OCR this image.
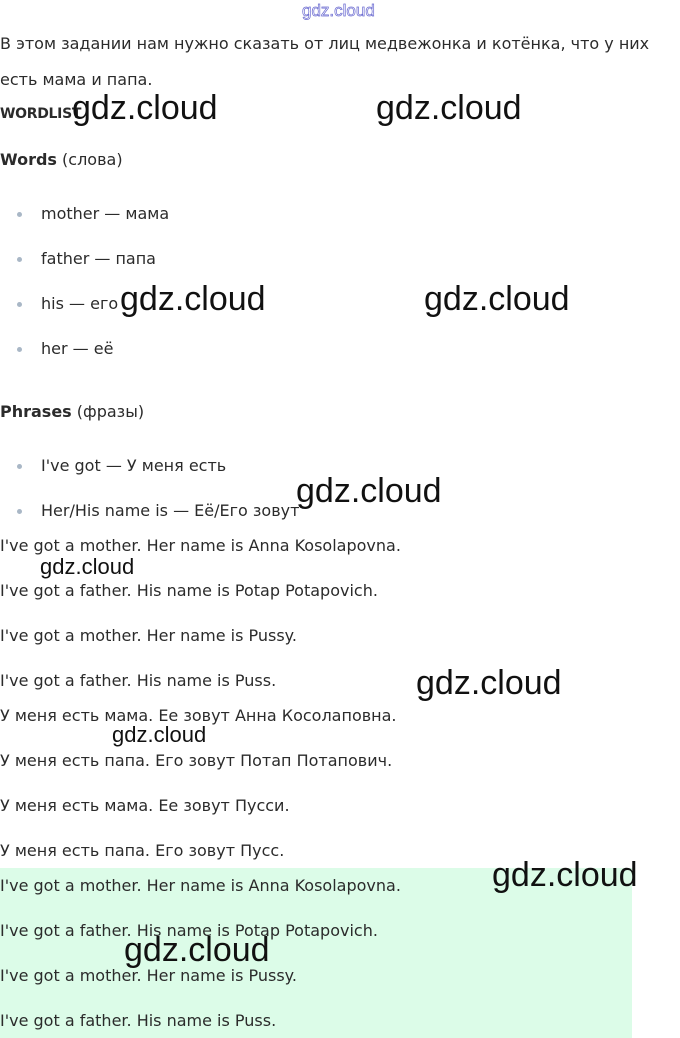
gdz.cloud
В этом задании нам нужно сказать от лиц медвежонка и котёнка, что у них
есть мама и папа.
WORDLIST
Words (слова)
mother — мама
father — папа
his — его
her — её
Phrases (фразы)
I've got — У меня есть
Her/His name is — Её/Его зовут
I've got a mother. Her name is Anna Kosolapovna.
I've got a father. His name is Potap Potapovich.
I've got a mother. Her name is Pussy.
I've got a father. His name is Puss.
У меня есть мама. Ее зовут Анна Косолаповна.
У меня есть папа. Его зовут Потап Потапович.
У меня есть мама. Ее зовут Пусси.
У меня есть папа. Его зовут Пусс.
I've got a mother. Her name is Anna Kosolapovna.
I've got a father. His name is Potap Potapovich.
I've got a mother. Her name is Pussy.
I've got a father. His name is Puss.
gdz.cloud	gdz.cloud
gdz.cloud	gdz.cloud
gdz.cloud
gdz.cloud
gdz.cloud
gdz.cloud
gdz.cloud
gdz.cloud
